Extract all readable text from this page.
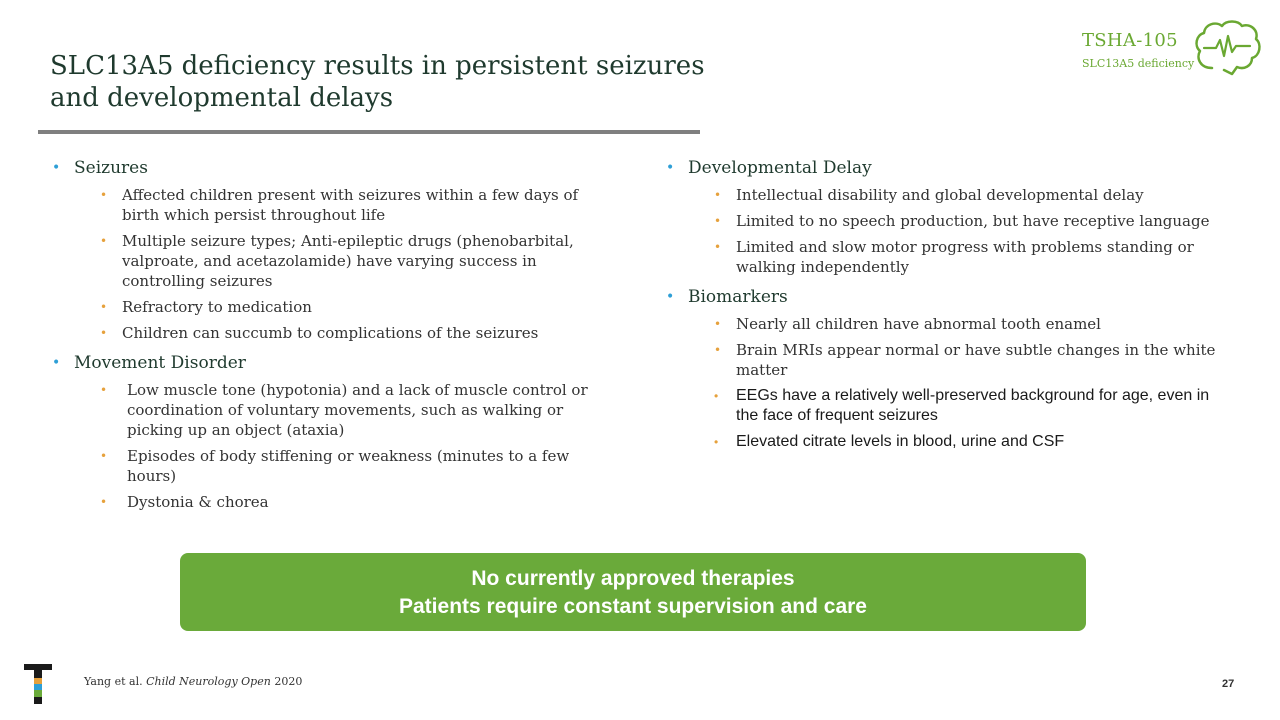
SLC13A5 deficiency results in persistent seizures
and developmental delays
TSHA-105
SLC13A5 deficiency
• Seizures
• Affected children present with seizures within a few days of birth which persist throughout life
• Multiple seizure types; Anti-epileptic drugs (phenobarbital, valproate, and acetazolamide) have varying success in controlling seizures
• Refractory to medication
• Children can succumb to complications of the seizures
• Movement Disorder
• Low muscle tone (hypotonia) and a lack of muscle control or coordination of voluntary movements, such as walking or picking up an object (ataxia)
• Episodes of body stiffening or weakness (minutes to a few hours)
• Dystonia & chorea
• Developmental Delay
• Intellectual disability and global developmental delay
• Limited to no speech production, but have receptive language
• Limited and slow motor progress with problems standing or walking independently
• Biomarkers
• Nearly all children have abnormal tooth enamel
• Brain MRIs appear normal or have subtle changes in the white matter
• EEGs have a relatively well-preserved background for age, even in the face of frequent seizures
• Elevated citrate levels in blood, urine and CSF
No currently approved therapies
Patients require constant supervision and care
Yang et al. Child Neurology Open 2020	27
